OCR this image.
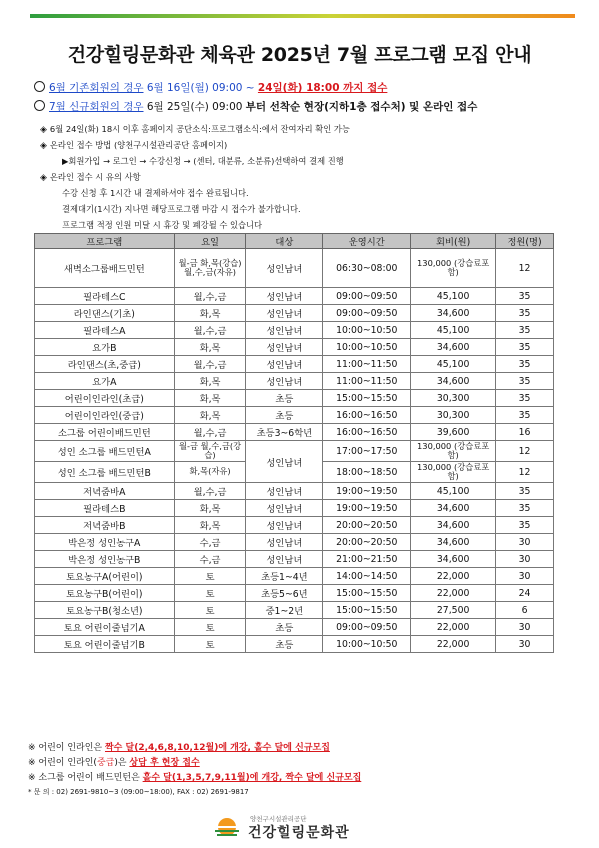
건강힐링문화관 체육관 2025년 7월 프로그램 모집 안내
6월 기존회원의 경우 6월 16일(월) 09:00 ~ 24일(화) 18:00 까지 접수
7월 신규회원의 경우 6월 25일(수) 09:00 부터 선착순 현장(지하1층 접수처) 및 온라인 접수
◈ 6월 24일(화) 18시 이후 홈페이지 공단소식:프로그램소식:에서 잔여자리 확인 가능
◈ 온라인 접수 방법 (양천구시설관리공단 홈페이지)
▶회원가입 → 로그인 → 수강신청 → (센터, 대분류, 소분류)선택하여 결제 진행
◈ 온라인 접수 시 유의 사항
수강 신청 후 1시간 내 결제하셔야 접수 완료됩니다.
결제대기(1시간) 지나면 해당프로그램 마감 시 접수가 불가합니다.
프로그램 적정 인원 미달 시 휴강 및 폐강될 수 있습니다
프로그램	요일	대상	운영시간	회비(원)	정원(명)
새벽소그룹배드민턴	월-금 화,목(강습) 월,수,금(자유)	성인남녀	06:30~08:00	130,000 (강습료포함)	12
필라테스C	월,수,금	성인남녀	09:00~09:50	45,100	35
라인댄스(기초)	화,목	성인남녀	09:00~09:50	34,600	35
필라테스A	월,수,금	성인남녀	10:00~10:50	45,100	35
요가B	화,목	성인남녀	10:00~10:50	34,600	35
라인댄스(초,중급)	월,수,금	성인남녀	11:00~11:50	45,100	35
요가A	화,목	성인남녀	11:00~11:50	34,600	35
어린이인라인(초급)	화,목	초등	15:00~15:50	30,300	35
어린이인라인(중급)	화,목	초등	16:00~16:50	30,300	35
소그룹 어린이배드민턴	월,수,금	초등3~6학년	16:00~16:50	39,600	16
성인 소그룹 배드민턴A	월-금 월,수,금(강습)	성인남녀	17:00~17:50	130,000 (강습료포함)	12
성인 소그룹 배드민턴B	화,목(자유)		18:00~18:50	130,000 (강습료포함)	12
저녁줌바A	월,수,금	성인남녀	19:00~19:50	45,100	35
필라테스B	화,목	성인남녀	19:00~19:50	34,600	35
저녁줌바B	화,목	성인남녀	20:00~20:50	34,600	35
박은정 성인농구A	수,금	성인남녀	20:00~20:50	34,600	30
박은정 성인농구B	수,금	성인남녀	21:00~21:50	34,600	30
토요농구A(어린이)	토	초등1~4년	14:00~14:50	22,000	30
토요농구B(어린이)	토	초등5~6년	15:00~15:50	22,000	24
토요농구B(청소년)	토	중1~2년	15:00~15:50	27,500	6
토요 어린이줄넘기A	토	초등	09:00~09:50	22,000	30
토요 어린이줄넘기B	토	초등	10:00~10:50	22,000	30
※ 어린이 인라인은 짝수 달(2,4,6,8,10,12월)에 개강, 홀수 달에 신규모집
※ 어린이 인라인(중급)은 상담 후 현장 접수
※ 소그룹 어린이 배드민턴은 홀수 달(1,3,5,7,9,11월)에 개강, 짝수 달에 신규모집
* 문 의 : 02) 2691-9810~3 (09:00~18:00), FAX : 02) 2691-9817
양천구시설관리공단
건강힐링문화관
